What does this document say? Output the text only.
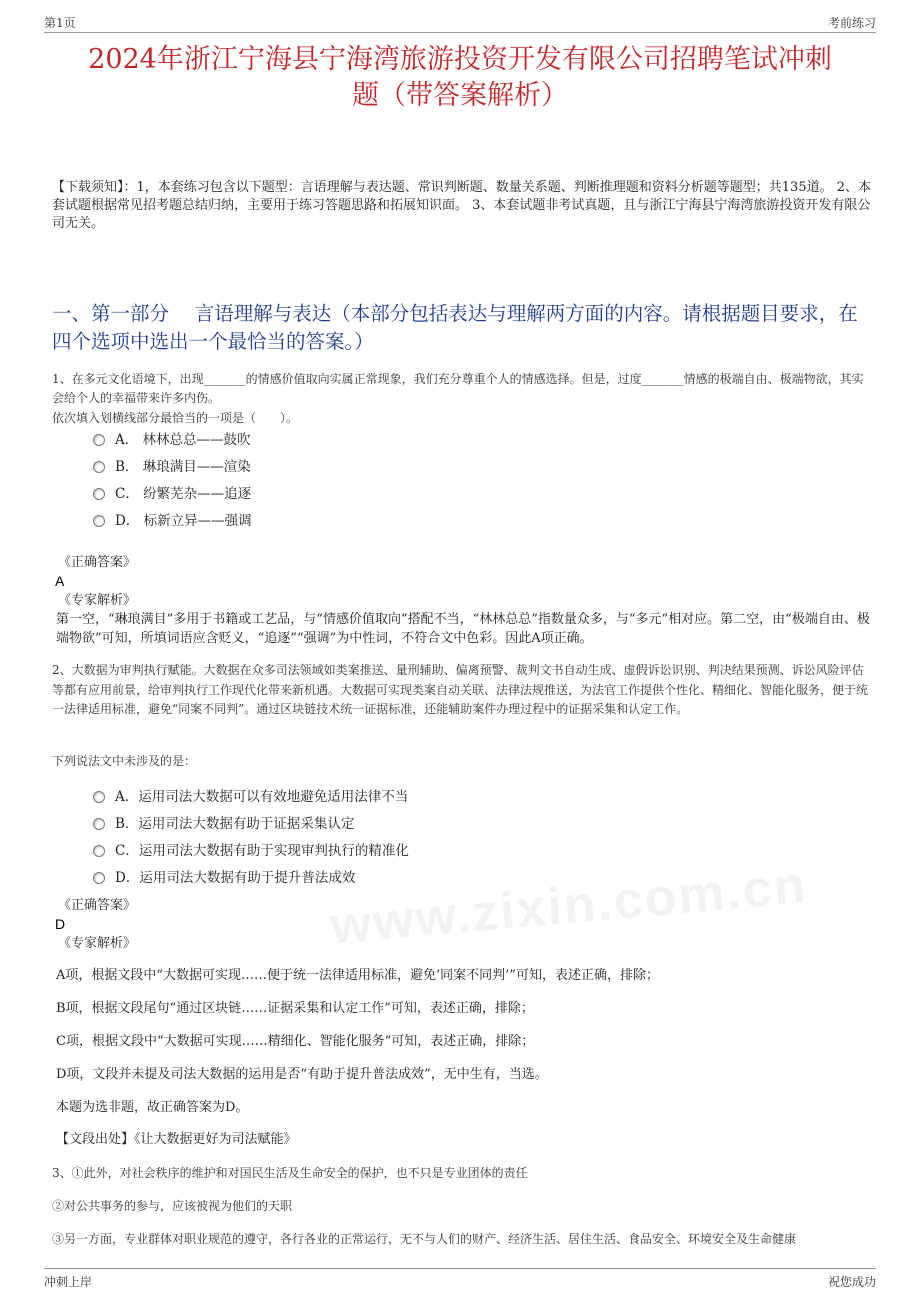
第1页	考前练习
2024年浙江宁海县宁海湾旅游投资开发有限公司招聘笔试冲刺
题（带答案解析）
【下载须知】：1，本套练习包含以下题型：言语理解与表达题、常识判断题、数量关系题、判断推理题和资料分析题等题型；共135道。 2、本套试题根据常见招考题总结归纳，主要用于练习答题思路和拓展知识面。 3、本套试题非考试真题，且与浙江宁海县宁海湾旅游投资开发有限公司无关。
一、第一部分　 言语理解与表达（本部分包括表达与理解两方面的内容。请根据题目要求，在四个选项中选出一个最恰当的答案。）
1、在多元文化语境下，出现_______的情感价值取向实属正常现象，我们充分尊重个人的情感选择。但是，过度_______情感的极端自由、极端物欲，其实会给个人的幸福带来许多内伤。
依次填入划横线部分最恰当的一项是（　　）。
A． 林林总总——鼓吹
B． 琳琅满目——渲染
C． 纷繁芜杂——追逐
D． 标新立异——强调
《正确答案》
A
《专家解析》
第一空，“琳琅满目”多用于书籍或工艺品，与“情感价值取向”搭配不当，“林林总总”指数量众多，与“多元”相对应。第二空，由“极端自由、极端物欲”可知，所填词语应含贬义，“追逐”“强调”为中性词，不符合文中色彩。因此A项正确。
2、大数据为审判执行赋能。大数据在众多司法领域如类案推送、量刑辅助、偏离预警、裁判文书自动生成、虚假诉讼识别、判决结果预测、诉讼风险评估等都有应用前景，给审判执行工作现代化带来新机遇。大数据可实现类案自动关联、法律法规推送，为法官工作提供个性化、精细化、智能化服务，便于统一法律适用标准，避免“同案不同判”。通过区块链技术统一证据标准，还能辅助案件办理过程中的证据采集和认定工作。
下列说法文中未涉及的是：
A．运用司法大数据可以有效地避免适用法律不当
B．运用司法大数据有助于证据采集认定
C．运用司法大数据有助于实现审判执行的精准化
D．运用司法大数据有助于提升普法成效
www.zixin.com.cn
《正确答案》
D
《专家解析》
A项，根据文段中“大数据可实现……便于统一法律适用标准，避免‘同案不同判’”可知，表述正确，排除；
B项，根据文段尾句“通过区块链……证据采集和认定工作”可知，表述正确，排除；
C项，根据文段中“大数据可实现……精细化、智能化服务”可知，表述正确，排除；
D项，文段并未提及司法大数据的运用是否“有助于提升普法成效”，无中生有，当选。
本题为选非题，故正确答案为D。
【文段出处】《让大数据更好为司法赋能》
3、①此外，对社会秩序的维护和对国民生活及生命安全的保护，也不只是专业团体的责任
②对公共事务的参与，应该被视为他们的天职
③另一方面，专业群体对职业规范的遵守，各行各业的正常运行，无不与人们的财产、经济生活、居住生活、食品安全、环境安全及生命健康
冲刺上岸	祝您成功
